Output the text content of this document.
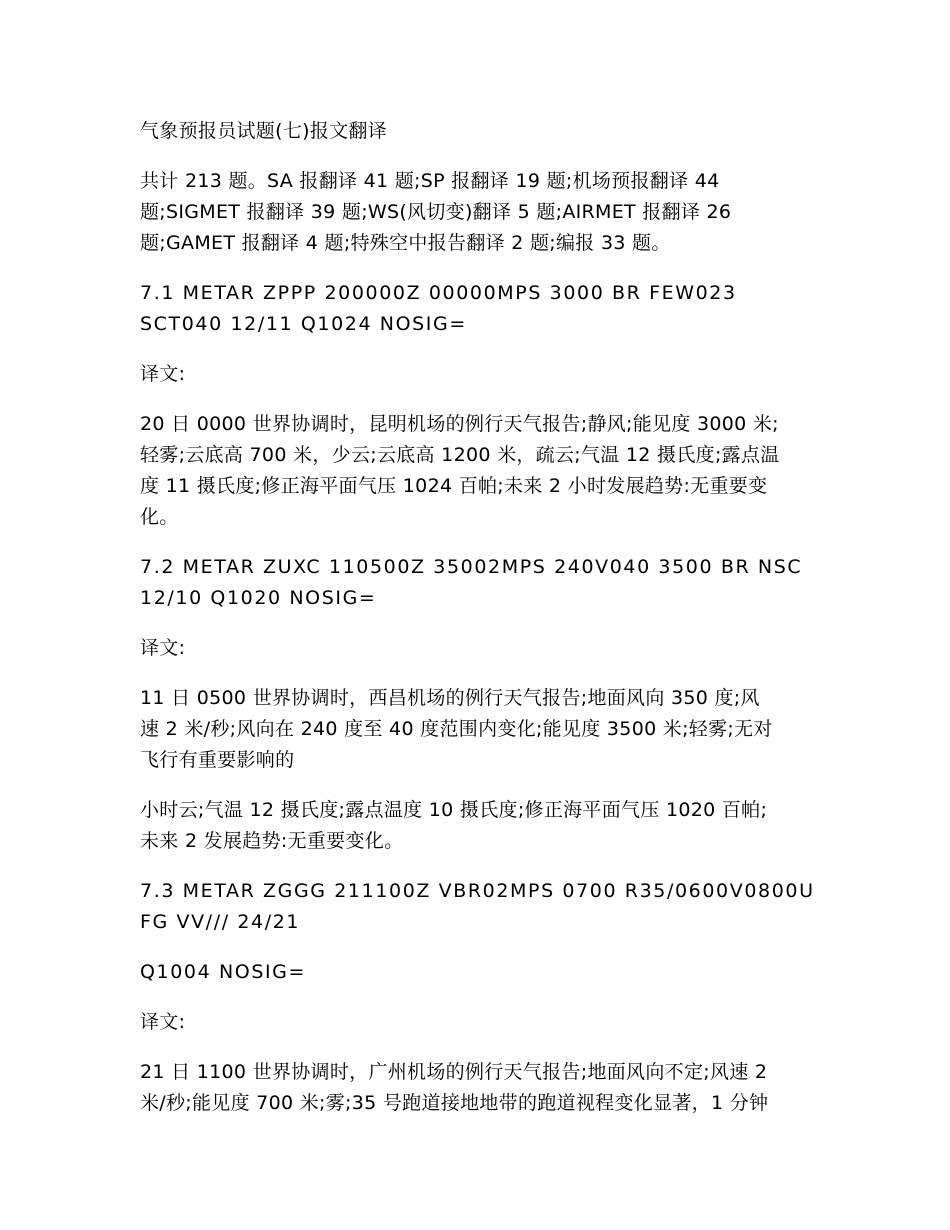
气象预报员试题(七)报文翻译

共计 213 题。SA 报翻译 41 题;SP 报翻译 19 题;机场预报翻译 44
题;SIGMET 报翻译 39 题;WS(风切变)翻译 5 题;AIRMET 报翻译 26
题;GAMET 报翻译 4 题;特殊空中报告翻译 2 题;编报 33 题。

7.1 METAR ZPPP 200000Z 00000MPS 3000 BR FEW023
SCT040 12/11 Q1024 NOSIG=

译文:

20 日 0000 世界协调时，昆明机场的例行天气报告;静风;能见度 3000 米;
轻雾;云底高 700 米，少云;云底高 1200 米，疏云;气温 12 摄氏度;露点温
度 11 摄氏度;修正海平面气压 1024 百帕;未来 2 小时发展趋势:无重要变
化。

7.2 METAR ZUXC 110500Z 35002MPS 240V040 3500 BR NSC
12/10 Q1020 NOSIG=

译文:

11 日 0500 世界协调时，西昌机场的例行天气报告;地面风向 350 度;风
速 2 米/秒;风向在 240 度至 40 度范围内变化;能见度 3500 米;轻雾;无对
飞行有重要影响的

小时云;气温 12 摄氏度;露点温度 10 摄氏度;修正海平面气压 1020 百帕;
未来 2 发展趋势:无重要变化。

7.3 METAR ZGGG 211100Z VBR02MPS 0700 R35/0600V0800U
FG VV/// 24/21

Q1004 NOSIG=

译文:

21 日 1100 世界协调时，广州机场的例行天气报告;地面风向不定;风速 2
米/秒;能见度 700 米;雾;35 号跑道接地地带的跑道视程变化显著，1 分钟
